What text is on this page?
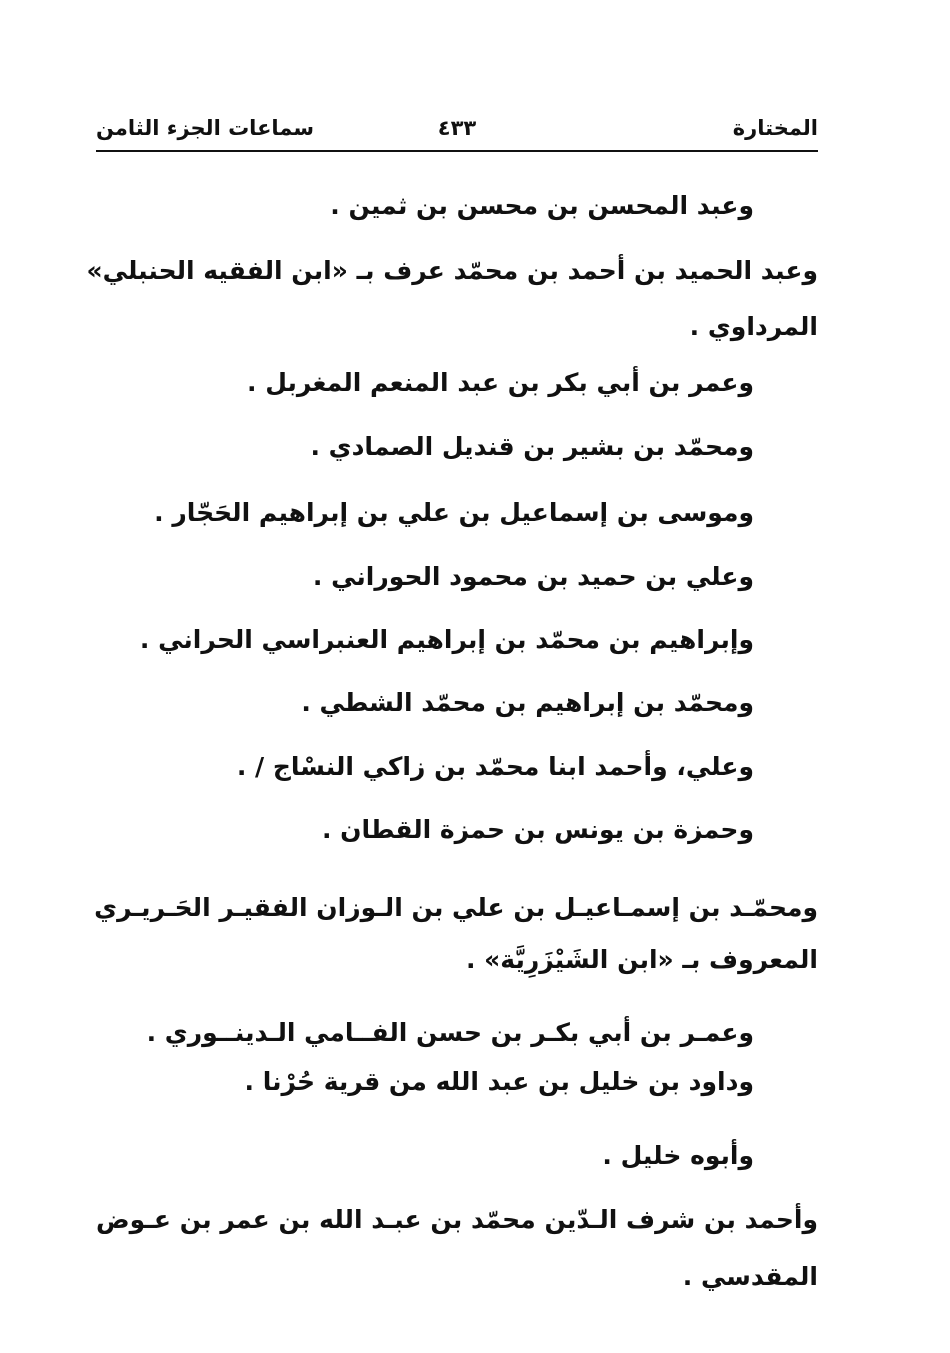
المختارة
٤٣٣
سماعات الجزء الثامن
وعبد المحسن بن محسن بن ثمين .
وعبد الحميد بن أحمد بن محمّد عرف بـ «ابن الفقيه الحنبلي»
المرداوي .
وعمر بن أبي بكر بن عبد المنعم المغربل .
ومحمّد بن بشير بن قنديل الصمادي .
وموسى بن إسماعيل بن علي بن إبراهيم الحَجّار .
وعلي بن حميد بن محمود الحوراني .
وإبراهيم بن محمّد بن إبراهيم العنبراسي الحراني .
ومحمّد بن إبراهيم بن محمّد الشطي .
وعلي، وأحمد ابنا محمّد بن زاكي النسْاج / .
وحمزة بن يونس بن حمزة القطان .
ومحمّـد بن إسمـاعيـل بن علي بن الـوزان الفقيـر الحَـريـري
المعروف بـ «ابن الشَيْزَرِيَّة» .
وعمـر بن أبي بكـر بن حسن الفــامي الـدينــوري .
وداود بن خليل بن عبد الله من قرية حُرْنا .
وأبوه خليل .
وأحمد بن شرف الـدّين محمّد بن عبـد الله بن عمر بن عـوض
المقدسي .
